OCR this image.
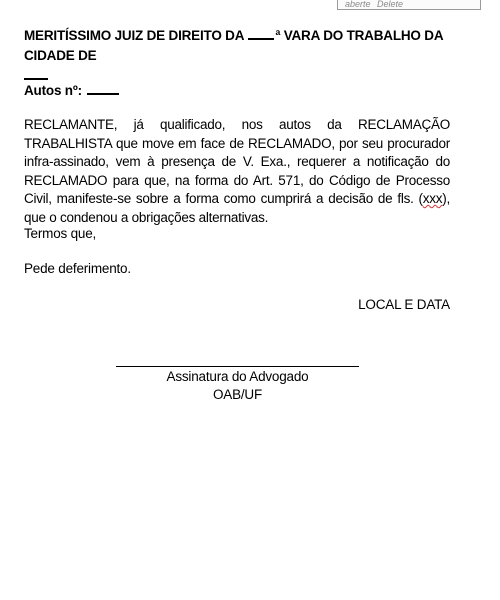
aberte Delete
MERITÍSSIMO JUIZ DE DIREITO DA ª VARA DO TRABALHO DA CIDADE DE
Autos nº:
RECLAMANTE, já qualificado, nos autos da RECLAMAÇÃO TRABALHISTA que move em face de RECLAMADO, por seu procurador infra-assinado, vem à presença de V. Exa., requerer a notificação do RECLAMADO para que, na forma do Art. 571, do Código de Processo Civil, manifeste-se sobre a forma como cumprirá a decisão de fls. (xxx), que o condenou a obrigações alternativas.
Termos que,
Pede deferimento.
LOCAL E DATA
Assinatura do Advogado
OAB/UF
